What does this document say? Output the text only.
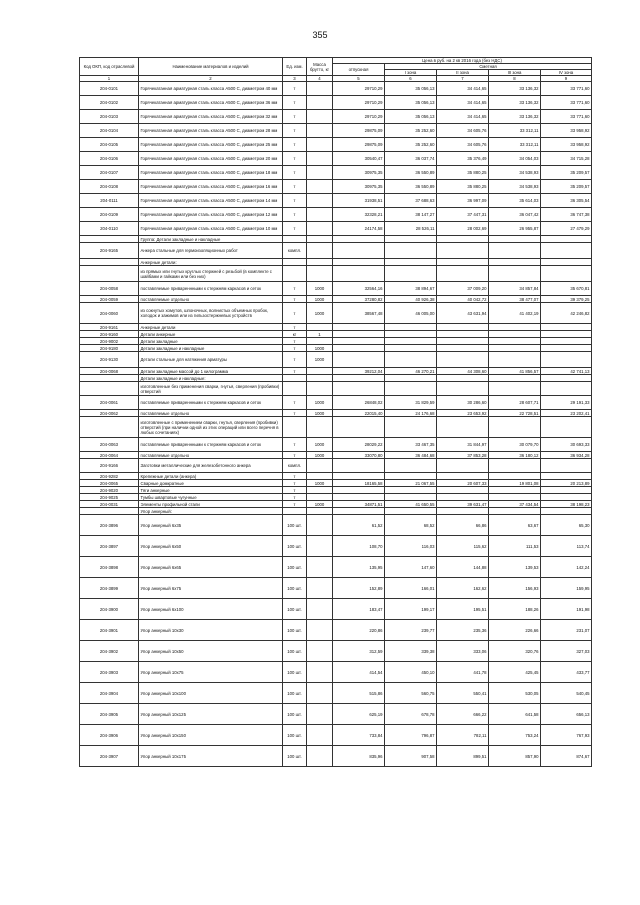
355
Код ОКП, код отраслевой	Наименование материалов и изделий	Ед. изм.	Масса брутто, кг	Цена в руб. на 2 кв 2016 года (без НДС)				
				отпускная	Сметная			
					I зона	II зона	III зона	IV зона

1	2	3	4	5	6	7	8	9
204-0101	Горячекатанная арматурная сталь класса А500 С, диаметром 40 мм	т		29710,29	35 056,13	34 414,65	33 136,32	33 771,60
204-0102	Горячекатанная арматурная сталь класса А500 С, диаметром 36 мм	т		29710,29	35 056,13	34 414,65	33 136,32	33 771,60
204-0103	Горячекатанная арматурная сталь класса А500 С, диаметром 32 мм	т		29710,29	35 056,13	34 414,65	33 136,32	33 771,60
204-0104	Горячекатанная арматурная сталь класса А500 С, диаметром 28 мм	т		29875,09	35 252,60	34 605,76	33 312,11	33 958,92
204-0105	Горячекатанная арматурная сталь класса А500 С, диаметром 25 мм	т		29875,09	35 252,60	34 605,76	33 312,11	33 958,92
204-0106	Горячекатанная арматурная сталь класса А500 С, диаметром 20 мм	т		30540,47	36 037,74	35 376,49	34 054,03	34 715,28
204-0107	Горячекатанная арматурная сталь класса А500 С, диаметром 18 мм	т		30975,35	36 550,89	35 880,25	34 538,93	35 209,57
204-0108	Горячекатанная арматурная сталь класса А500 С, диаметром 16 мм	т		30975,35	36 550,89	35 880,25	34 538,93	35 209,57
204-0111	Горячекатанная арматурная сталь класса А500 С, диаметром 14 мм	т		31938,51	37 688,63	36 997,09	35 614,03	36 305,54
204-0109	Горячекатанная арматурная сталь класса А500 С, диаметром 12 мм	т		32328,21	38 147,27	37 447,31	36 047,42	36 747,38
204-0110	Горячекатанная арматурная сталь класса А500 С, диаметром 10 мм	т		24174,58	28 526,11	28 002,69	26 955,87	27 479,29
	Группа: Детали закладные и накладные							
204-9165	Анкера стальные для гермоизоляционных работ	компл.						
	Анкерные детали:							
	из прямых или гнутых круглых стержней с резьбой (в комплекте с шайбами и гайками или без них)							
204-0058	поставляемые привареннными к стержням каркасов и сеток	т	1000	32564,16	38 894,67	37 009,20	34 857,84	35 670,81
204-0059	поставляемые отдельно	т	1000	37280,82	40 926,38	40 042,72	38 477,07	39 379,25
204-0060	из сокнутых хомутов, шпоночных, волнистых объемных пробок, холодок и зажимов или из гильзостержневых устройств	т	1000	38567,48	46 005,00	43 631,94	41 402,19	42 246,82
204-9161	Анкерные детали	т						
204-9160	Детали анкерные	кг	1					
204-9002	Детали закладные	т						
204-9180	Детали закладные и накладные	т	1000					
204-9130	Детали стальные для натяжения арматуры	т	1000					
204-0068	Детали закладные массой до 1 килограмма	т		39212,04	46 270,21	44 308,60	41 856,57	42 741,13
	Детали закладные и накладные:							
	изготовленные без применения сварки, гнутья, сверления (пробивки) отверстий							
204-0061	поставляемые привареннными к стержням каркасов и сеток	т	1000	26848,02	31 829,59	30 286,60	28 607,71	29 191,33
204-0062	поставляемые отдельно	т	1000	22015,40	24 176,68	23 653,92	22 728,51	23 202,41
	изготовленные с применением сварки, гнутья, сверления (пробивки) отверстий (при наличии одной из этих операций или всего перечня в любых сочетаниях)							
204-0063	поставляемые привареннными к стержням каркасов и сеток	т	1000	28029,22	33 467,35	31 844,97	30 079,70	30 693,33
204-0064	поставляемые отдельно	т	1000	33070,80	36 484,68	37 853,28	36 180,12	36 934,28
204-9166	Заготовки металлические для железобетонного анкера	компл.						
204-9282	Крепежные детали (анкера)	т						
204-0065	Сварные домкратные	т	1000	18165,58	21 067,55	20 607,33	19 801,08	20 213,89
204-9020	Тяги анкерные	т						
204-9025	Тумбы швартовые чугунные	т						
204-0031	Элементы профильной стали	т	1000	34871,51	41 650,55	39 631,47	37 434,54	38 198,23
	Упор анкерный:							
204-3896	Упор анкерный 6х35	100 шт.		61,52	68,52	66,86	63,67	65,30
204-3897	Упор анкерный 6х50	100 шт.		108,70	116,03	115,62	111,53	113,74
204-3898	Упор анкерный 6х65	100 шт.		135,95	147,60	144,88	139,53	142,24
204-3899	Упор анкерный 6х75	100 шт.		152,89	166,01	162,62	156,93	159,95
204-3900	Упор анкерный 6х100	100 шт.		183,47	199,17	195,51	188,26	191,98
204-3901	Упор анкерный 10х30	100 шт.		220,86	239,77	235,36	226,66	231,07
204-3902	Упор анкерный 10х50	100 шт.		312,59	339,38	333,06	320,76	327,03
204-3903	Упор анкерный 10х75	100 шт.		414,54	450,10	441,78	425,45	433,77
204-3904	Упор анкерный 10х100	100 шт.		515,86	560,75	550,41	530,05	540,45
204-3905	Упор анкерный 10х125	100 шт.		625,19	678,78	666,22	641,58	656,13
204-3906	Упор анкерный 10х150	100 шт.		733,84	796,87	782,11	753,24	767,93
204-3907	Упор анкерный 10х175	100 шт.		835,96	907,58	899,51	857,90	874,67
